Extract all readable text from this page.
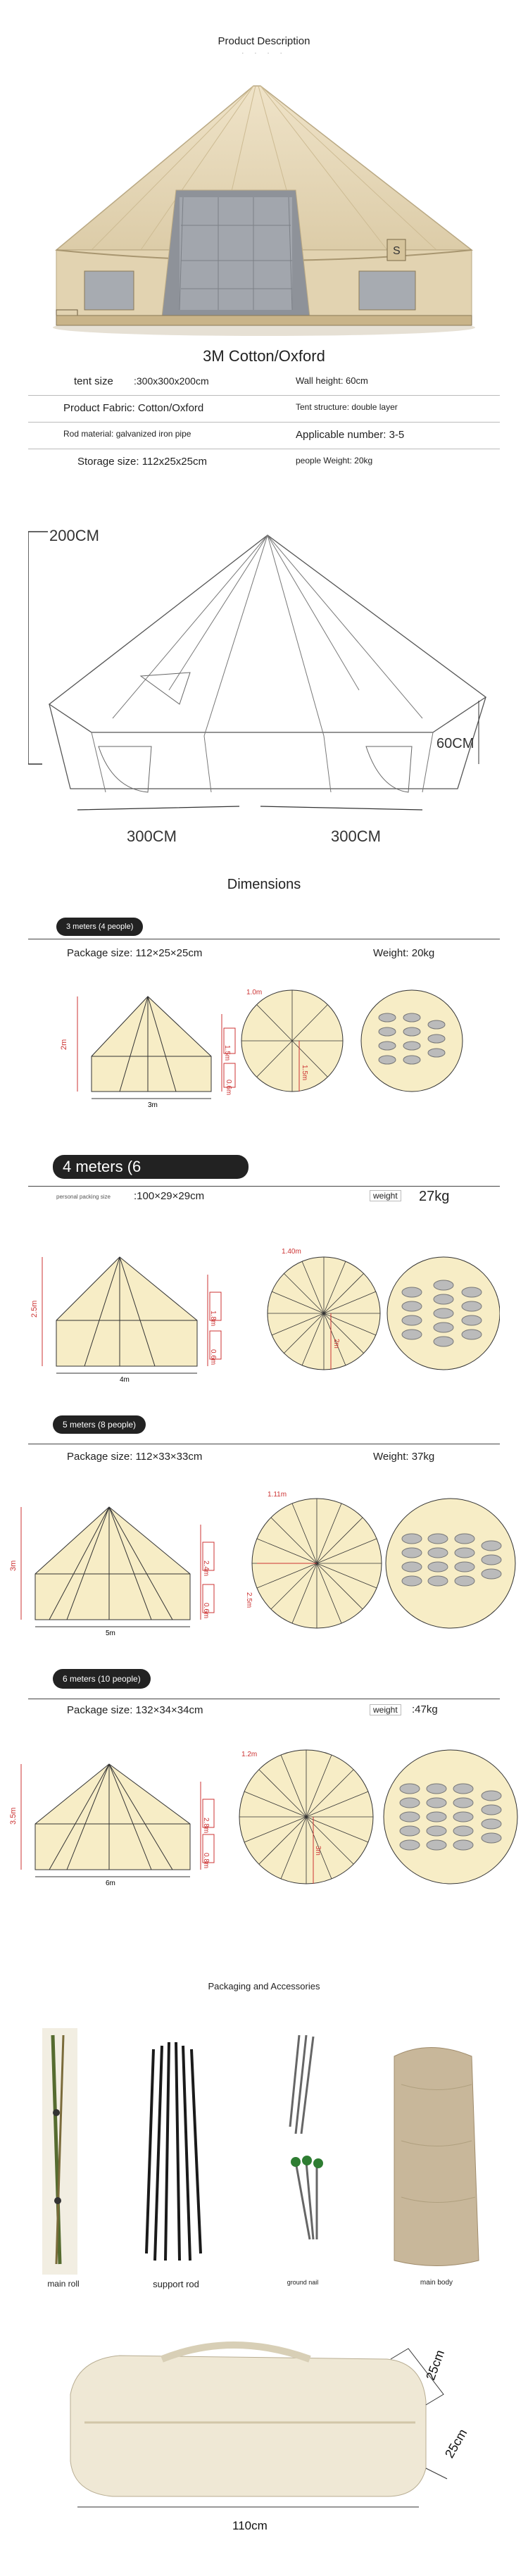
Product Description
· · · ·
S
3M Cotton/Oxford
tent size :300x300x200cm	Wall height: 60cm
Product Fabric: Cotton/Oxford	Tent structure: double layer
Rod material: galvanized iron pipe	Applicable number: 3-5
Storage size: 112x25x25cm	people Weight: 20kg
200CM
60CM
300CM	300CM
Dimensions
3 meters (4 people)
Package size: 112×25×25cm	Weight: 20kg
2m
1.5m
0.6m
3m
1.0m
1.5m
4 meters (6
personal packing size :100×29×29cm	weight 27kg
2.5m
1.8m
0.6m
4m
1.40m
2m
5 meters (8 people)
Package size: 112×33×33cm	Weight: 37kg
3m	2.4m
0.6m
5m
1.11m
2.5m
6 meters (10 people)
Package size: 132×34×34cm	weight	:47kg
3.5m
2.8m
0.8m
6m
1.2m
3m
Packaging and Accessories
main roll	support rod	ground nail	main body
25cm
25cm
110cm
